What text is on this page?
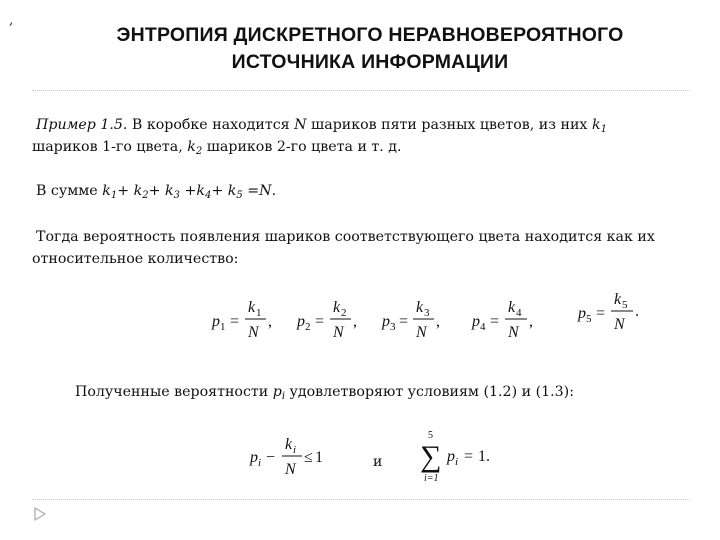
,
ЭНТРОПИЯ ДИСКРЕТНОГО НЕРАВНОВЕРОЯТНОГО
ИСТОЧНИКА ИНФОРМАЦИИ
Пример 1.5. В коробке находится N шариков пяти разных цветов, из них $k_1$
шариков 1-го цвета, $k_2$ шариков 2-го цвета и т. д.
В сумме $k_1+ k_2+ k_3 +k_4+ k_5 =N$.
Тогда вероятность появления шариков соответствующего цвета находится как их
относительное количество:
p 1 =
k 1
N
, p 2 =
k 2
N
, p 3 =
k 3
N
, p 4 =
k 4
N
,	p 5 =
k 5
N
.
Полученные вероятности $p_i$ удовлетворяют условиям (1.2) и (1.3):
p i −
k i
N
≤ 1	и
5
∑
i=1
p i = 1.
